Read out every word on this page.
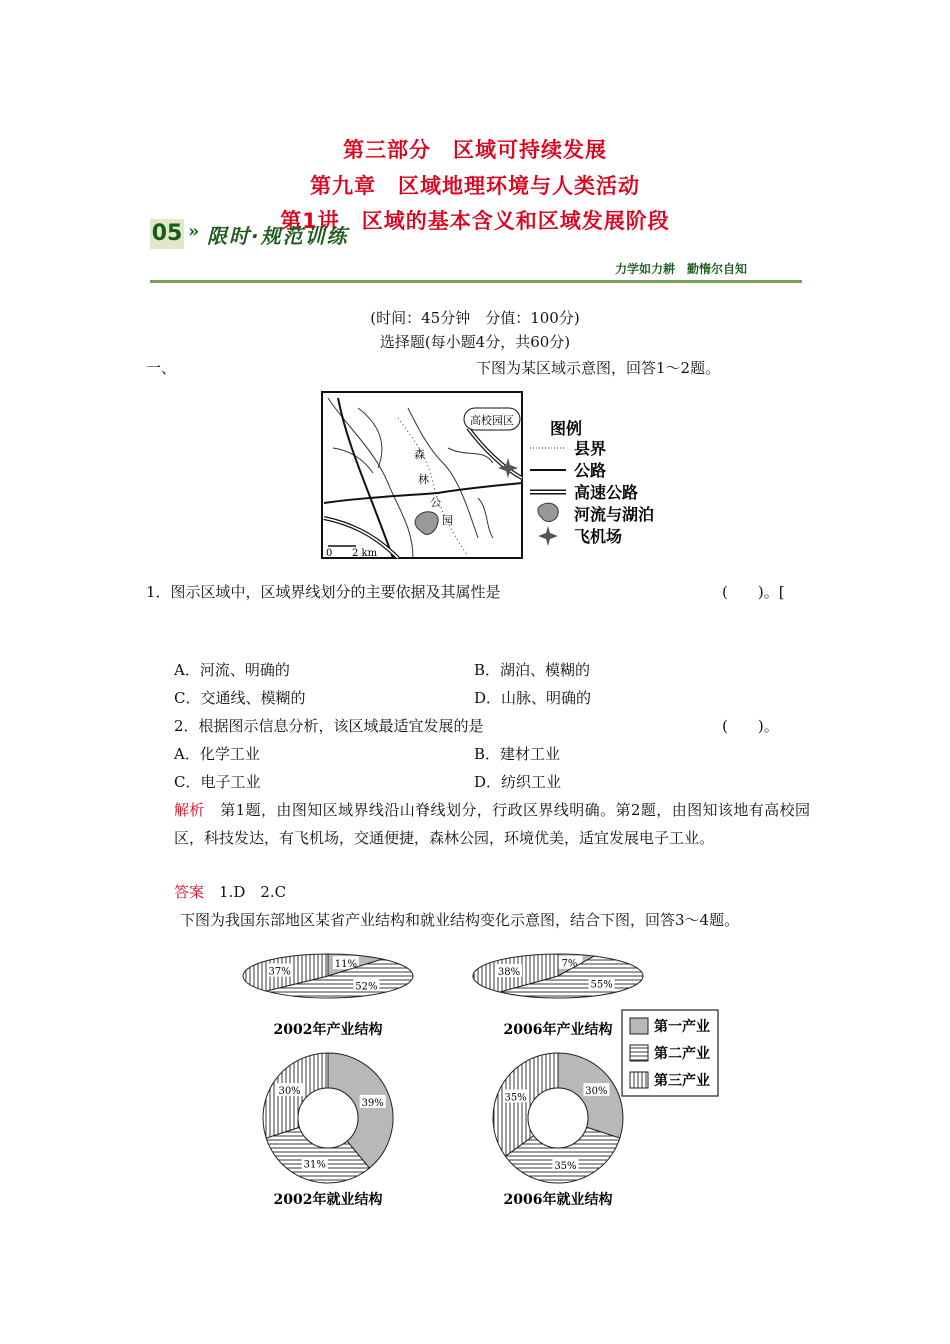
第三部分　区域可持续发展
第九章　区域地理环境与人类活动
第1讲　区域的基本含义和区域发展阶段
05 » 限时·规范训练
力学如力耕　勤惰尔自知
(时间：45分钟　分值：100分)
选择题(每小题4分，共60分)
一、	下图为某区域示意图，回答1～2题。
高校园区
森
林
公
园
0 2 km
图例
县界
公路
高速公路
河流与湖泊
飞机场
1．图示区域中，区域界线划分的主要依据及其属性是	(　　)。[
A．河流、明确的	B．湖泊、模糊的
C．交通线、模糊的	D．山脉、明确的
2．根据图示信息分析，该区域最适宜发展的是	(　　)。
A．化学工业	B．建材工业
C．电子工业	D．纺织工业
解析　第1题，由图知区域界线沿山脊线划分，行政区界线明确。第2题，由图知该地有高校园区，科技发达，有飞机场，交通便捷，森林公园，环境优美，适宜发展电子工业。
答案　1.D　2.C
下图为我国东部地区某省产业结构和就业结构变化示意图，结合下图，回答3～4题。
11%
52%
37%
2002年产业结构
7%
55%
38%
2006年产业结构
39%
31%
30%
2002年就业结构
30%
35%
35%
2006年就业结构
第一产业
第二产业
第三产业
